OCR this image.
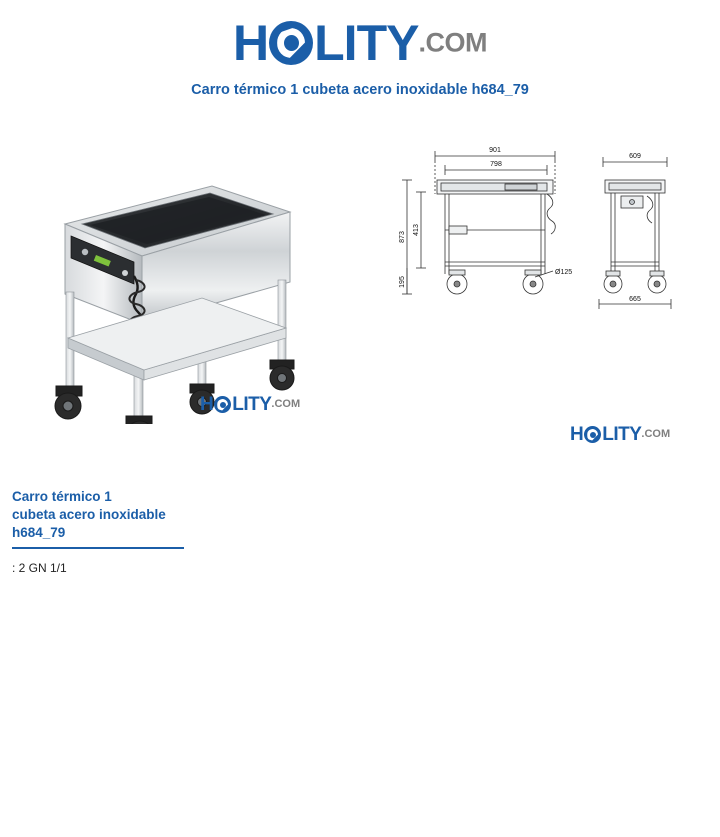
H LITY.COM
Carro térmico 1 cubeta acero inoxidable h684_79
901
798
Ø125
873
413
195
609
665
H LITY.COM
H LITY.COM
Carro térmico 1
cubeta acero inoxidable
h684_79
: 2 GN 1/1
